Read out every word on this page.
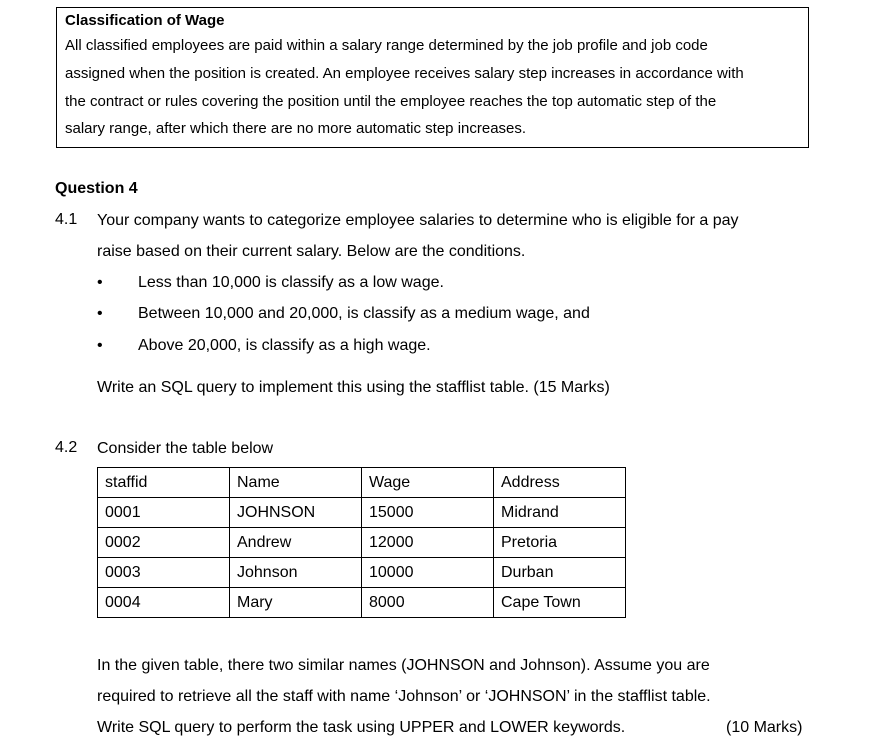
Classification of Wage
All classified employees are paid within a salary range determined by the job profile and job code
assigned when the position is created. An employee receives salary step increases in accordance with
the contract or rules covering the position until the employee reaches the top automatic step of the
salary range, after which there are no more automatic step increases.
Question 4
4.1 Your company wants to categorize employee salaries to determine who is eligible for a pay
raise based on their current salary. Below are the conditions.
• Less than 10,000 is classify as a low wage.
• Between 10,000 and 20,000, is classify as a medium wage, and
• Above 20,000, is classify as a high wage.
Write an SQL query to implement this using the stafflist table. (15 Marks)
4.2 Consider the table below
staffid	Name	Wage	Address
0001	JOHNSON	15000	Midrand
0002	Andrew	12000	Pretoria
0003	Johnson	10000	Durban
0004	Mary	8000	Cape Town
In the given table, there two similar names (JOHNSON and Johnson). Assume you are
required to retrieve all the staff with name ‘Johnson’ or ‘JOHNSON’ in the stafflist table.
Write SQL query to perform the task using UPPER and LOWER keywords.	(10 Marks)
